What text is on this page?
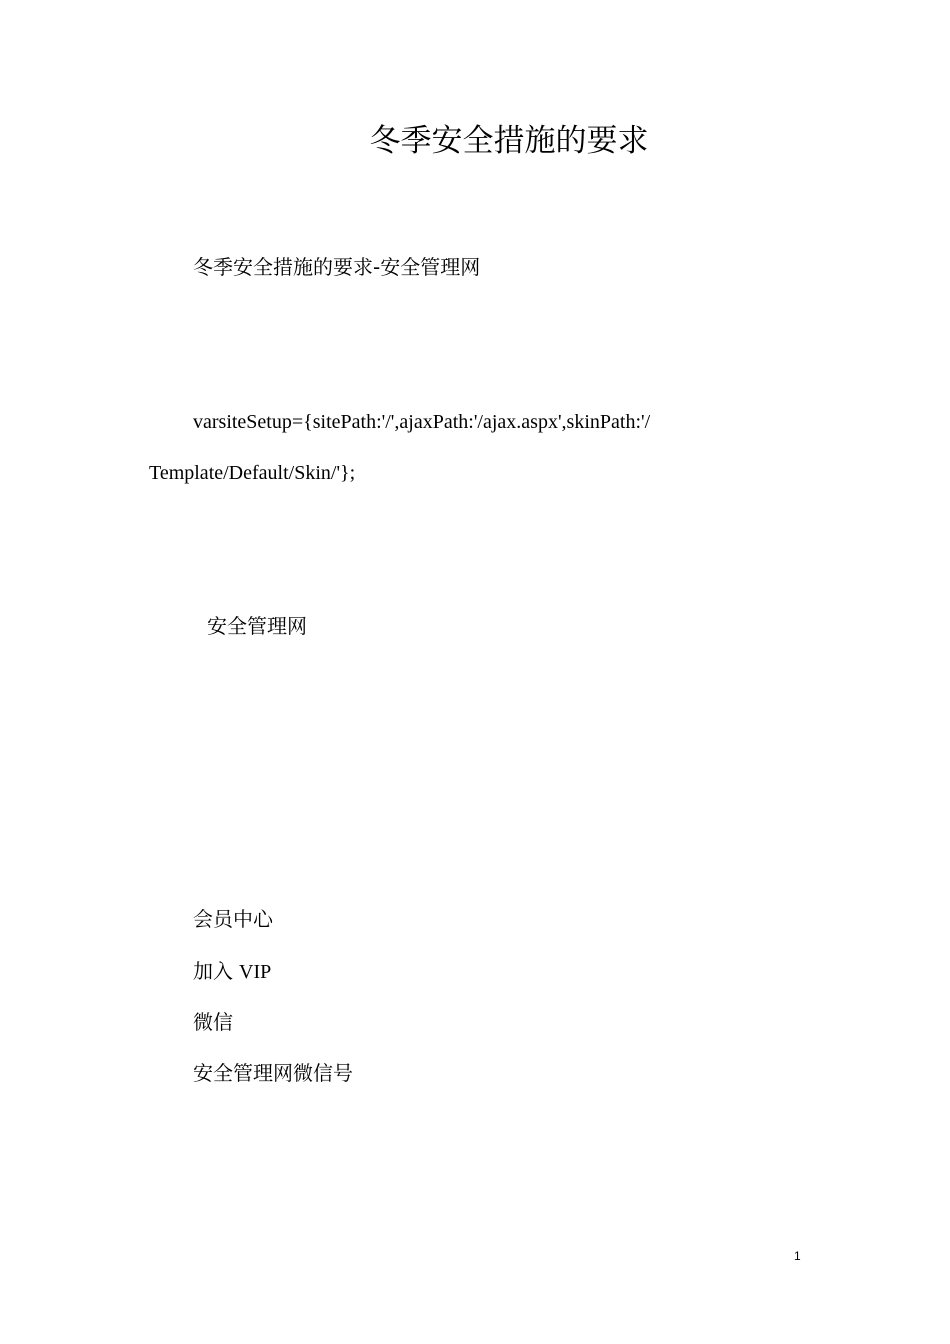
冬季安全措施的要求
冬季安全措施的要求-安全管理网
varsiteSetup={sitePath:'/',ajaxPath:'/ajax.aspx',skinPath:'/
Template/Default/Skin/'};
安全管理网
会员中心
加入 VIP
微信
安全管理网微信号
1
